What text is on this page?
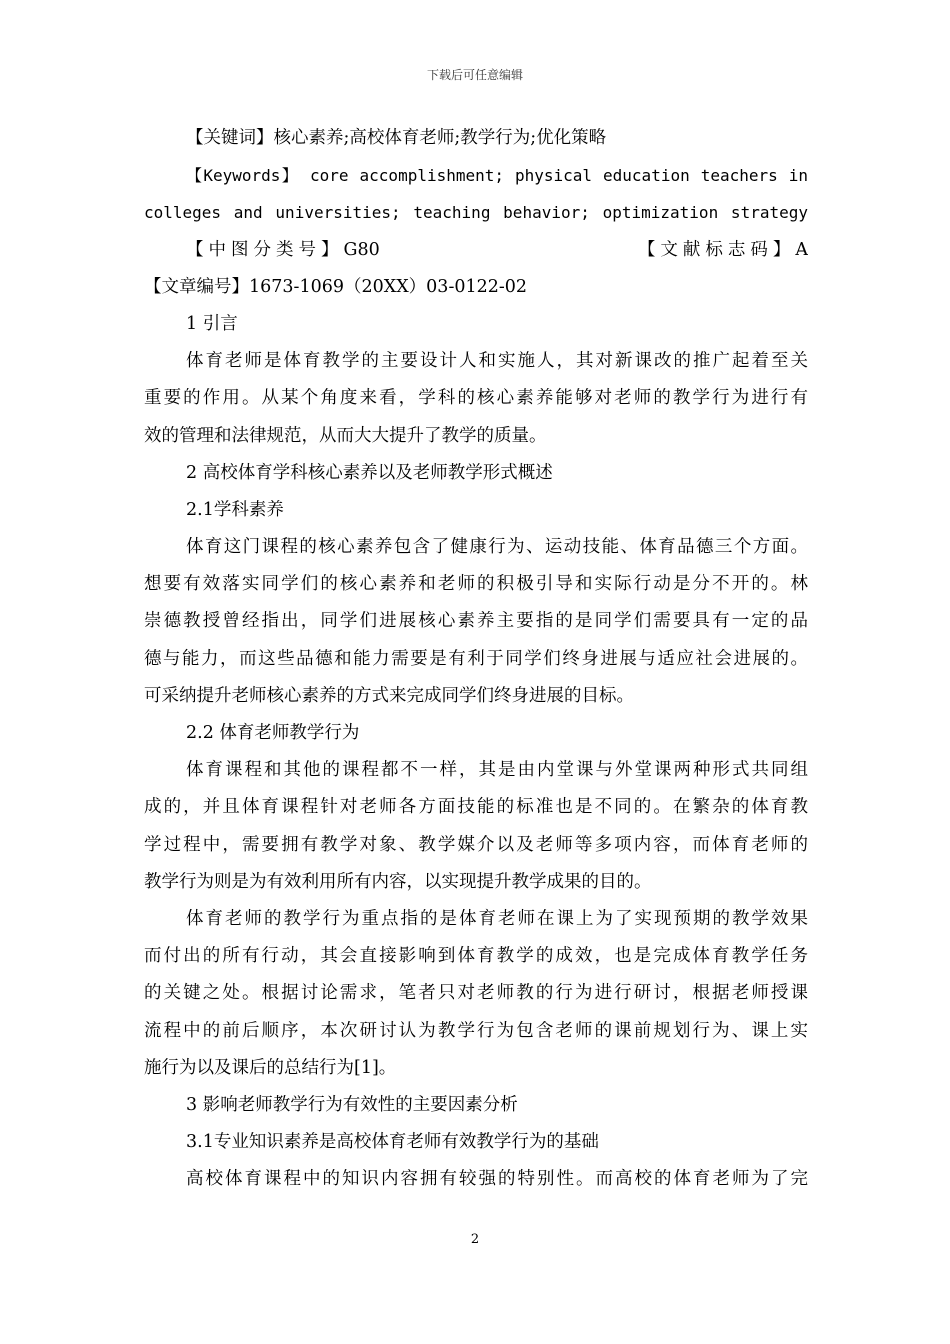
下载后可任意编辑
【关键词】核心素养;高校体育老师;教学行为;优化策略
【Keywords】 core accomplishment; physical education teachers in
colleges and universities; teaching behavior; optimization strategy
【中图分类号】G80	【文献标志码】A
【文章编号】1673-1069（20XX）03-0122-02
1 引言
体育老师是体育教学的主要设计人和实施人，其对新课改的推广起着至关
重要的作用。从某个角度来看，学科的核心素养能够对老师的教学行为进行有
效的管理和法律规范，从而大大提升了教学的质量。
2 高校体育学科核心素养以及老师教学形式概述
2.1学科素养
体育这门课程的核心素养包含了健康行为、运动技能、体育品德三个方面。
想要有效落实同学们的核心素养和老师的积极引导和实际行动是分不开的。林
崇德教授曾经指出，同学们进展核心素养主要指的是同学们需要具有一定的品
德与能力，而这些品德和能力需要是有利于同学们终身进展与适应社会进展的。
可采纳提升老师核心素养的方式来完成同学们终身进展的目标。
2.2 体育老师教学行为
体育课程和其他的课程都不一样，其是由内堂课与外堂课两种形式共同组
成的，并且体育课程针对老师各方面技能的标准也是不同的。在繁杂的体育教
学过程中，需要拥有教学对象、教学媒介以及老师等多项内容，而体育老师的
教学行为则是为有效利用所有内容，以实现提升教学成果的目的。
体育老师的教学行为重点指的是体育老师在课上为了实现预期的教学效果
而付出的所有行动，其会直接影响到体育教学的成效，也是完成体育教学任务
的关键之处。根据讨论需求，笔者只对老师教的行为进行研讨，根据老师授课
流程中的前后顺序，本次研讨认为教学行为包含老师的课前规划行为、课上实
施行为以及课后的总结行为[1]。
3 影响老师教学行为有效性的主要因素分析
3.1专业知识素养是高校体育老师有效教学行为的基础
高校体育课程中的知识内容拥有较强的特别性。而高校的体育老师为了完
2
